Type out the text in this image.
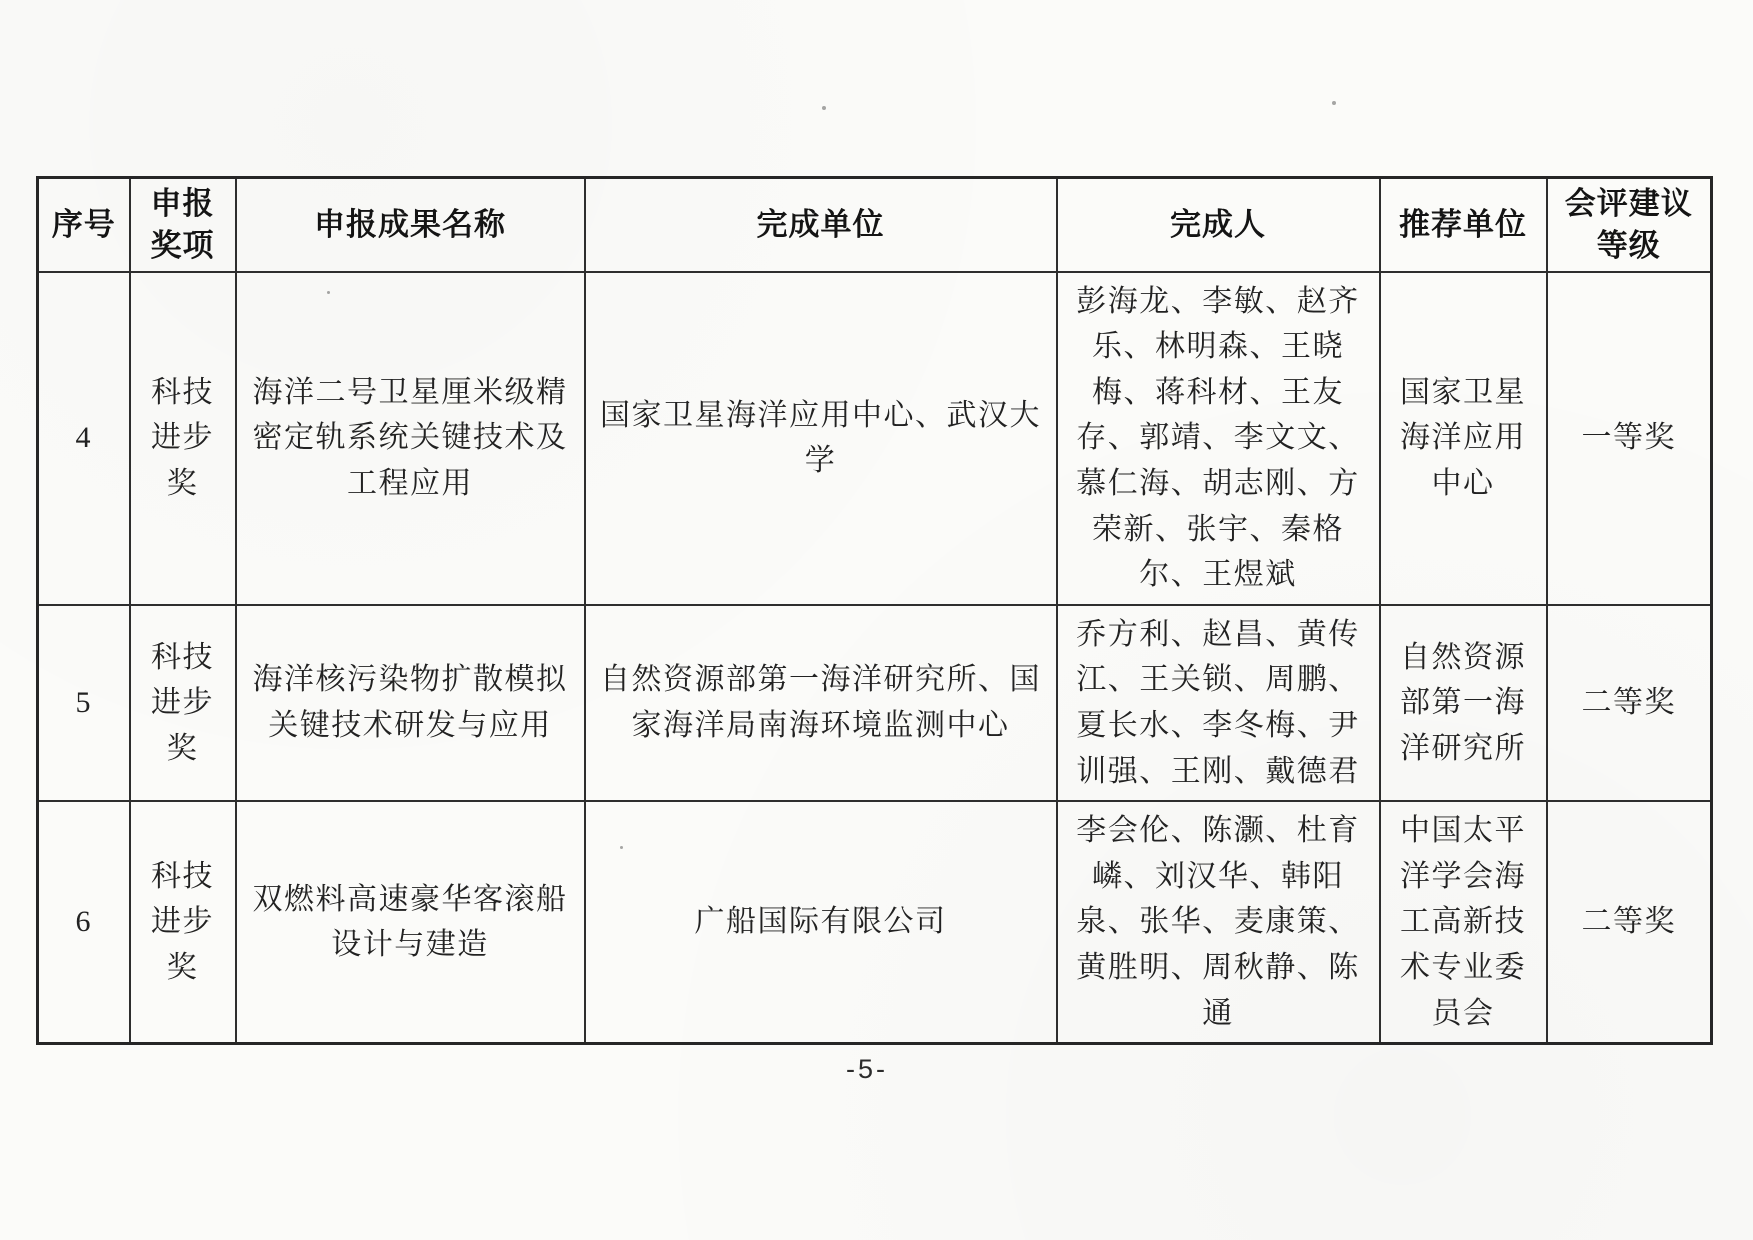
序号	申报奖项	申报成果名称	完成单位	完成人	推荐单位	会评建议等级
4	科技进步奖	海洋二号卫星厘米级精密定轨系统关键技术及工程应用	国家卫星海洋应用中心、武汉大学	彭海龙、李敏、赵齐乐、林明森、王晓梅、蒋科材、王友存、郭靖、李文文、慕仁海、胡志刚、方荣新、张宇、秦格尔、王煜斌	国家卫星海洋应用中心	一等奖
5	科技进步奖	海洋核污染物扩散模拟关键技术研发与应用	自然资源部第一海洋研究所、国家海洋局南海环境监测中心	乔方利、赵昌、黄传江、王关锁、周鹏、夏长水、李冬梅、尹训强、王刚、戴德君	自然资源部第一海洋研究所	二等奖
6	科技进步奖	双燃料高速豪华客滚船设计与建造	广船国际有限公司	李会伦、陈灏、杜育嶙、刘汉华、韩阳泉、张华、麦康策、黄胜明、周秋静、陈通	中国太平洋学会海工高新技术专业委员会	二等奖
-5-
